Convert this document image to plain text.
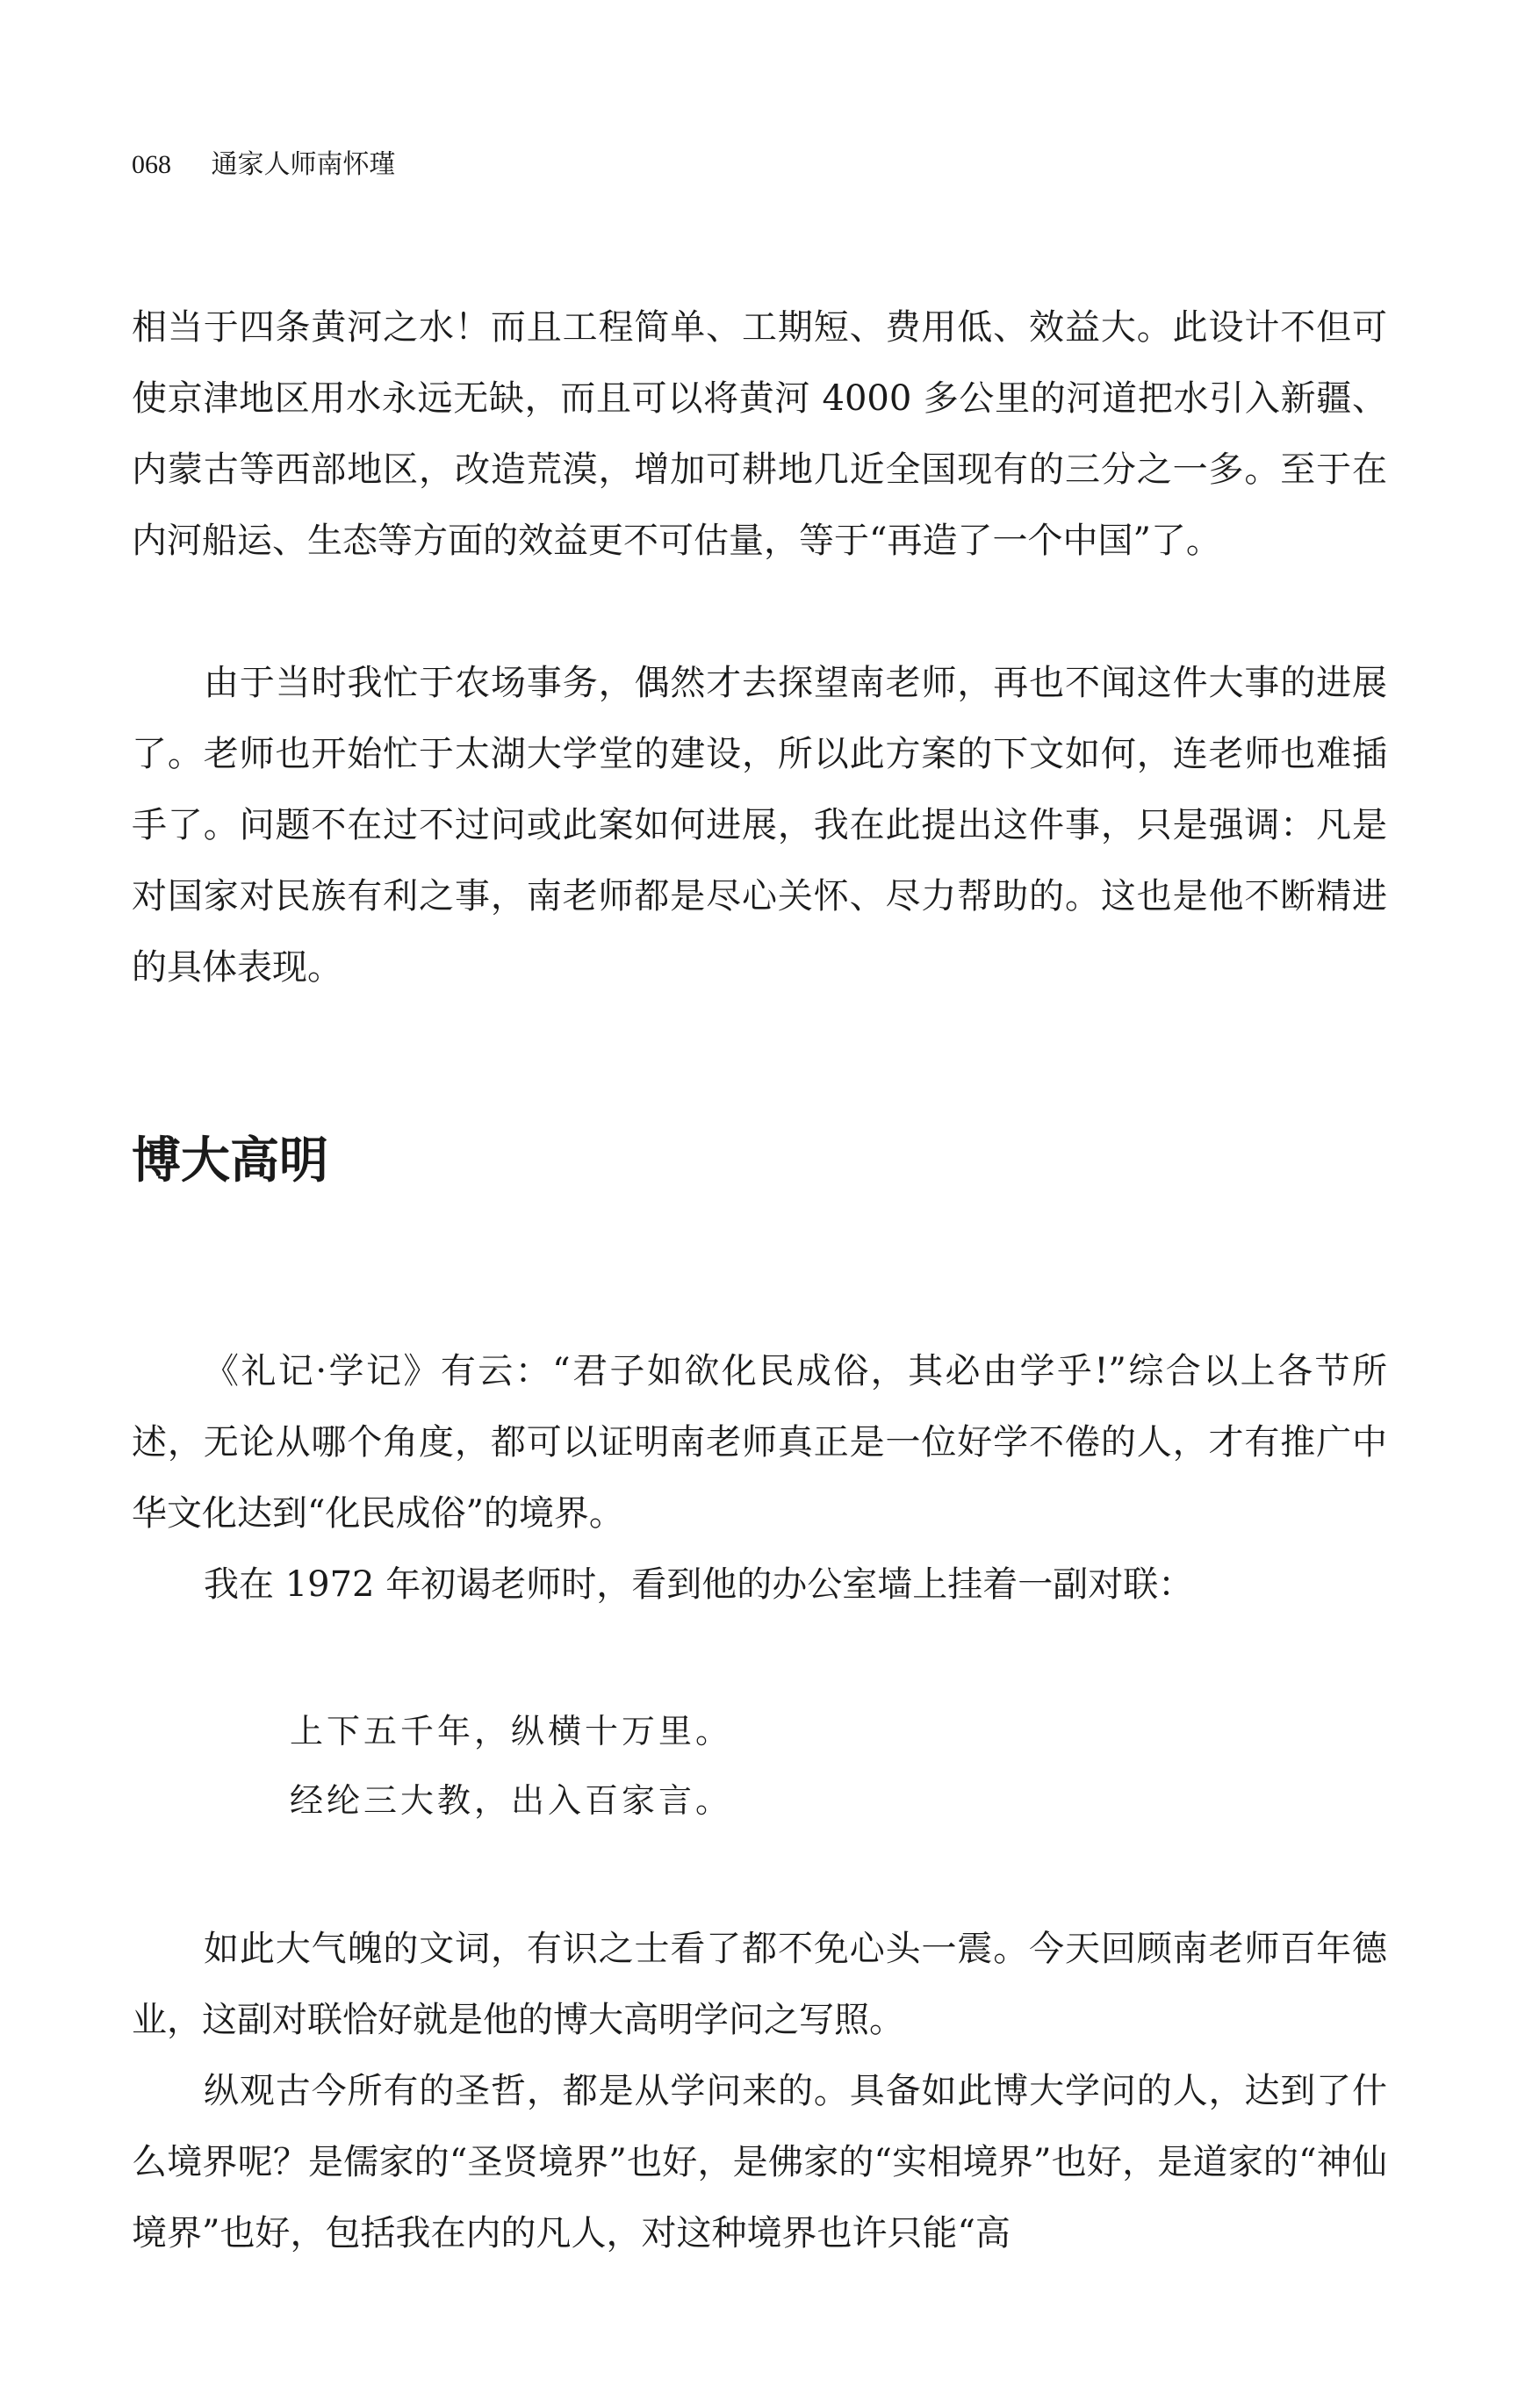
068 通家人师南怀瑾

相当于四条黄河之水！而且工程简单、工期短、费用低、效益大。此设计不但可使京津地区用水永远无缺，而且可以将黄河 4000 多公里的河道把水引入新疆、内蒙古等西部地区，改造荒漠，增加可耕地几近全国现有的三分之一多。至于在内河船运、生态等方面的效益更不可估量，等于“再造了一个中国”了。

由于当时我忙于农场事务，偶然才去探望南老师，再也不闻这件大事的进展了。老师也开始忙于太湖大学堂的建设，所以此方案的下文如何，连老师也难插手了。问题不在过不过问或此案如何进展，我在此提出这件事，只是强调：凡是对国家对民族有利之事，南老师都是尽心关怀、尽力帮助的。这也是他不断精进的具体表现。

博大高明

《礼记·学记》有云：“君子如欲化民成俗，其必由学乎!”综合以上各节所述，无论从哪个角度，都可以证明南老师真正是一位好学不倦的人，才有推广中华文化达到“化民成俗”的境界。

我在 1972 年初谒老师时，看到他的办公室墙上挂着一副对联：

上下五千年，纵横十万里。

经纶三大教，出入百家言。

如此大气魄的文词，有识之士看了都不免心头一震。今天回顾南老师百年德业，这副对联恰好就是他的博大高明学问之写照。

纵观古今所有的圣哲，都是从学问来的。具备如此博大学问的人，达到了什么境界呢？是儒家的“圣贤境界”也好，是佛家的“实相境界”也好，是道家的“神仙境界”也好，包括我在内的凡人，对这种境界也许只能“高
